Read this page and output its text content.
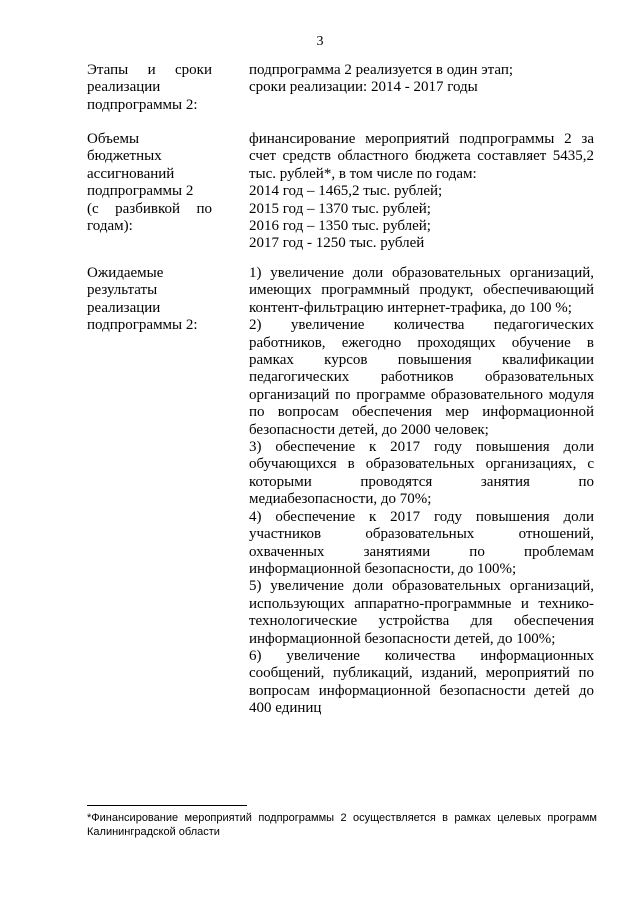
3
Этапы и сроки
реализации
подпрограммы 2:
подпрограмма 2 реализуется в один этап;
сроки реализации: 2014 - 2017 годы
Объемы
бюджетных
ассигнований
подпрограммы 2
(с разбивкой по
годам):
финансирование мероприятий подпрограммы 2 за
счет средств областного бюджета составляет 5435,2
тыс. рублей*, в том числе по годам:
2014 год – 1465,2 тыс. рублей;
2015 год – 1370 тыс. рублей;
2016 год – 1350 тыс. рублей;
2017 год - 1250 тыс. рублей
Ожидаемые
результаты
реализации
подпрограммы 2:
1) увеличение доли образовательных организаций,
имеющих программный продукт, обеспечивающий
контент-фильтрацию интернет-трафика, до 100 %;
2) увеличение количества педагогических
работников, ежегодно проходящих обучение в
рамках курсов повышения квалификации
педагогических работников образовательных
организаций по программе образовательного модуля
по вопросам обеспечения мер информационной
безопасности детей, до 2000 человек;
3) обеспечение к 2017 году повышения доли
обучающихся в образовательных организациях, с
которыми проводятся занятия по
медиабезопасности, до 70%;
4) обеспечение к 2017 году повышения доли
участников образовательных отношений,
охваченных занятиями по проблемам
информационной безопасности, до 100%;
5) увеличение доли образовательных организаций,
использующих аппаратно-программные и технико-
технологические устройства для обеспечения
информационной безопасности детей, до 100%;
6) увеличение количества информационных
сообщений, публикаций, изданий, мероприятий по
вопросам информационной безопасности детей до
400 единиц
*Финансирование мероприятий подпрограммы 2 осуществляется в рамках целевых программ
Калининградской области
